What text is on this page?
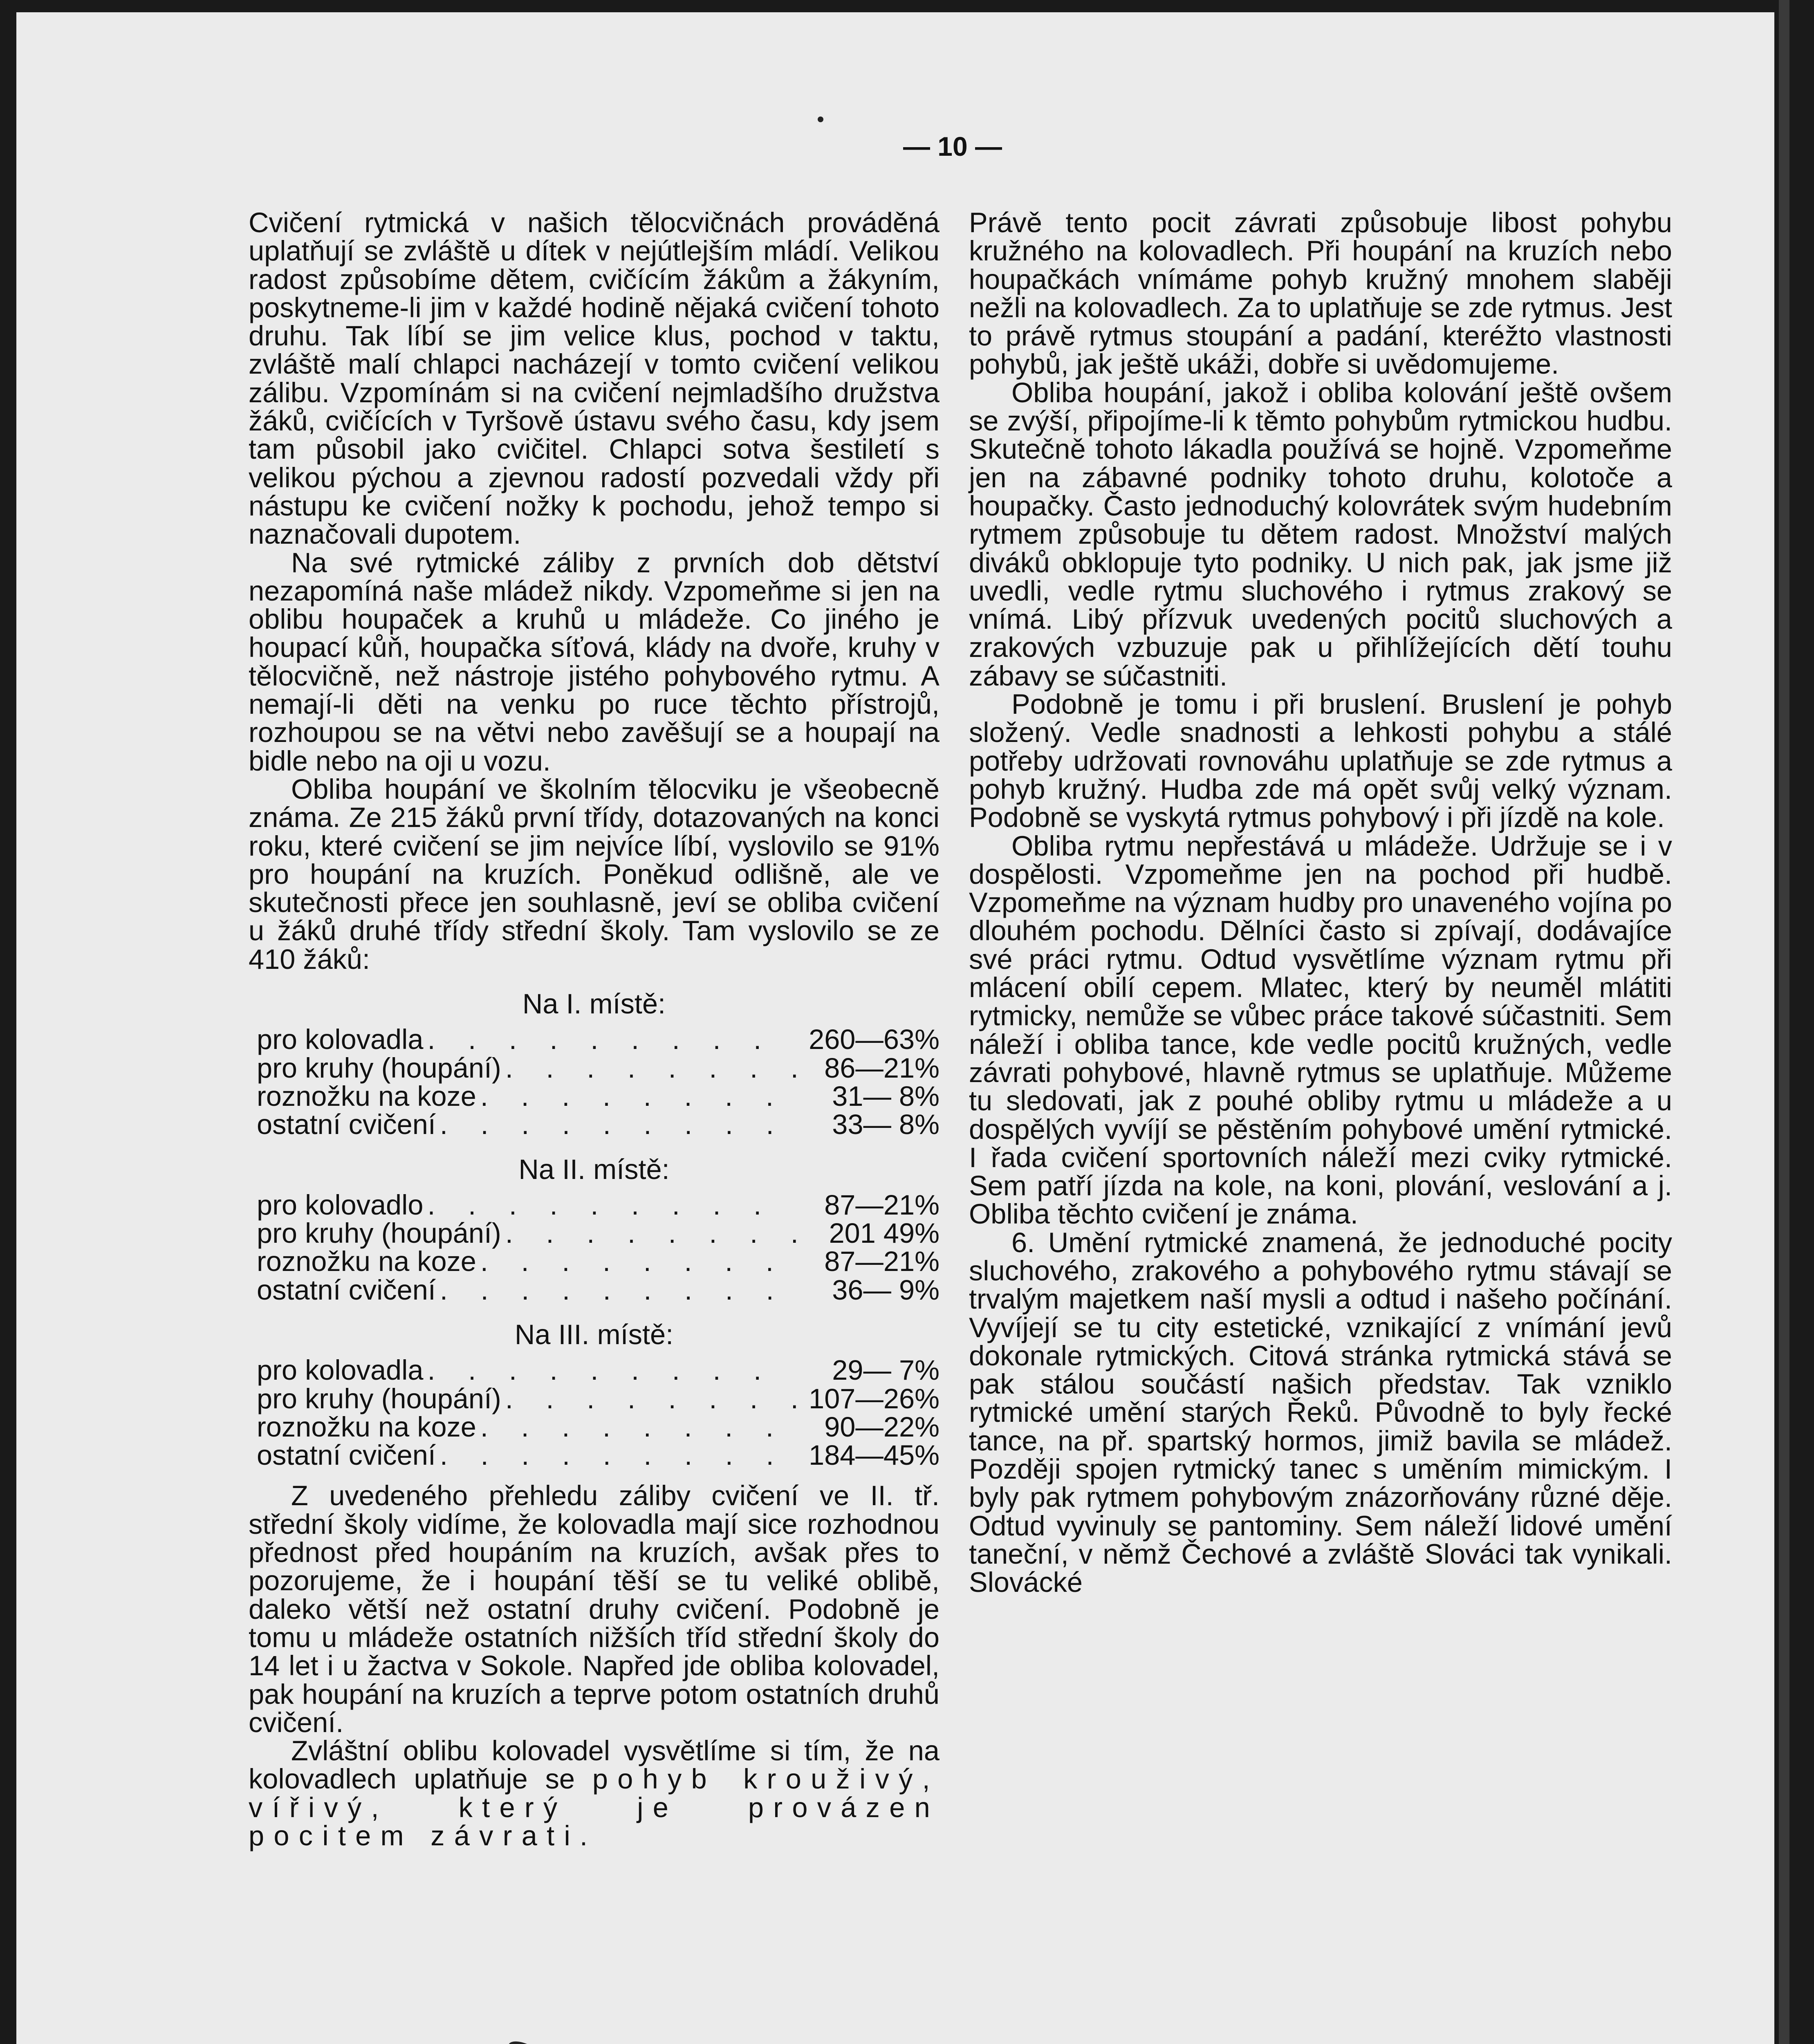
— 10 —

Cvičení rytmická v našich tělocvičnách prováděná uplatňují se zvláště u dítek v nejútlejším mládí. Velikou radost způsobíme dětem, cvičícím žákům a žákyním, poskytneme-li jim v každé hodině nějaká cvičení tohoto druhu. Tak líbí se jim velice klus, pochod v taktu, zvláště malí chlapci nacházejí v tomto cvičení velikou zálibu. Vzpomínám si na cvičení nejmladšího družstva žáků, cvičících v Tyršově ústavu svého času, kdy jsem tam působil jako cvičitel. Chlapci sotva šestiletí s velikou pýchou a zjevnou radostí pozvedali vždy při nástupu ke cvičení nožky k pochodu, jehož tempo si naznačovali dupotem.

Na své rytmické záliby z prvních dob dětství nezapomíná naše mládež nikdy. Vzpomeňme si jen na oblibu houpaček a kruhů u mládeže. Co jiného je houpací kůň, houpačka síťová, klády na dvoře, kruhy v tělocvičně, než nástroje jistého pohybového rytmu. A nemají-li děti na venku po ruce těchto přístrojů, rozhoupou se na větvi nebo zavěšují se a houpají na bidle nebo na oji u vozu.

Obliba houpání ve školním tělocviku je všeobecně známa. Ze 215 žáků první třídy, dotazovaných na konci roku, které cvičení se jim nejvíce líbí, vyslovilo se 91% pro houpání na kruzích. Poněkud odlišně, ale ve skutečnosti přece jen souhlasně, jeví se obliba cvičení u žáků druhé třídy střední školy. Tam vyslovilo se ze 410 žáků:

Na I. místě:
pro kolovadla . . .	260—63%
pro kruhy (houpání) . . .	86—21%
roznožku na koze . . .	31— 8%
ostatní cvičení . . .	33— 8%
Na II. místě:
pro kolovadlo . . .	87—21%
pro kruhy (houpání) . . .	201 49%
roznožku na koze . . .	87—21%
ostatní cvičení . . .	36— 9%
Na III. místě:
pro kolovadla . . .	29— 7%
pro kruhy (houpání) . . .	107—26%
roznožku na koze . . .	90—22%
ostatní cvičení . . .	184—45%

Z uvedeného přehledu záliby cvičení ve II. tř. střední školy vidíme, že kolovadla mají sice rozhodnou přednost před houpáním na kruzích, avšak přes to pozorujeme, že i houpání těší se tu veliké oblibě, daleko větší než ostatní druhy cvičení. Podobně je tomu u mládeže ostatních nižších tříd střední školy do 14 let i u žactva v Sokole. Napřed jde obliba kolovadel, pak houpání na kruzích a teprve potom ostatních druhů cvičení.

Zvláštní oblibu kolovadel vysvětlíme si tím, že na kolovadlech uplatňuje se pohyb krouživý, vířivý, který je provázen pocitem závrati.

Právě tento pocit závrati způsobuje libost pohybu kružného na kolovadlech. Při houpání na kruzích nebo houpačkách vnímáme pohyb kružný mnohem slaběji nežli na kolovadlech. Za to uplatňuje se zde rytmus. Jest to právě rytmus stoupání a padání, kteréžto vlastnosti pohybů, jak ještě ukáži, dobře si uvědomujeme.

Obliba houpání, jakož i obliba kolování ještě ovšem se zvýší, připojíme-li k těmto pohybům rytmickou hudbu. Skutečně tohoto lákadla používá se hojně. Vzpomeňme jen na zábavné podniky tohoto druhu, kolotoče a houpačky. Často jednoduchý kolovrátek svým hudebním rytmem způsobuje tu dětem radost. Množství malých diváků obklopuje tyto podniky. U nich pak, jak jsme již uvedli, vedle rytmu sluchového i rytmus zrakový se vnímá. Libý přízvuk uvedených pocitů sluchových a zrakových vzbuzuje pak u přihlížejících dětí touhu zábavy se súčastniti.

Podobně je tomu i při bruslení. Bruslení je pohyb složený. Vedle snadnosti a lehkosti pohybu a stálé potřeby udržovati rovnováhu uplatňuje se zde rytmus a pohyb kružný. Hudba zde má opět svůj velký význam. Podobně se vyskytá rytmus pohybový i při jízdě na kole.

Obliba rytmu nepřestává u mládeže. Udržuje se i v dospělosti. Vzpomeňme jen na pochod při hudbě. Vzpomeňme na význam hudby pro unaveného vojína po dlouhém pochodu. Dělníci často si zpívají, dodávajíce své práci rytmu. Odtud vysvětlíme význam rytmu při mlácení obilí cepem. Mlatec, který by neuměl mlátiti rytmicky, nemůže se vůbec práce takové súčastniti. Sem náleží i obliba tance, kde vedle pocitů kružných, vedle závrati pohybové, hlavně rytmus se uplatňuje. Můžeme tu sledovati, jak z pouhé obliby rytmu u mládeže a u dospělých vyvíjí se pěstěním pohybové umění rytmické. I řada cvičení sportovních náleží mezi cviky rytmické. Sem patří jízda na kole, na koni, plování, veslování a j. Obliba těchto cvičení je známa.

6. Umění rytmické znamená, že jednoduché pocity sluchového, zrakového a pohybového rytmu stávají se trvalým majetkem naší mysli a odtud i našeho počínání. Vyvíjejí se tu city estetické, vznikající z vnímání jevů dokonale rytmických. Citová stránka rytmická stává se pak stálou součástí našich představ. Tak vzniklo rytmické umění starých Řeků. Původně to byly řecké tance, na př. spartský hormos, jimiž bavila se mládež. Později spojen rytmický tanec s uměním mimickým. I byly pak rytmem pohybovým znázorňovány různé děje. Odtud vyvinuly se pantominy. Sem náleží lidové umění taneční, v němž Čechové a zvláště Slováci tak vynikali. Slovácké
